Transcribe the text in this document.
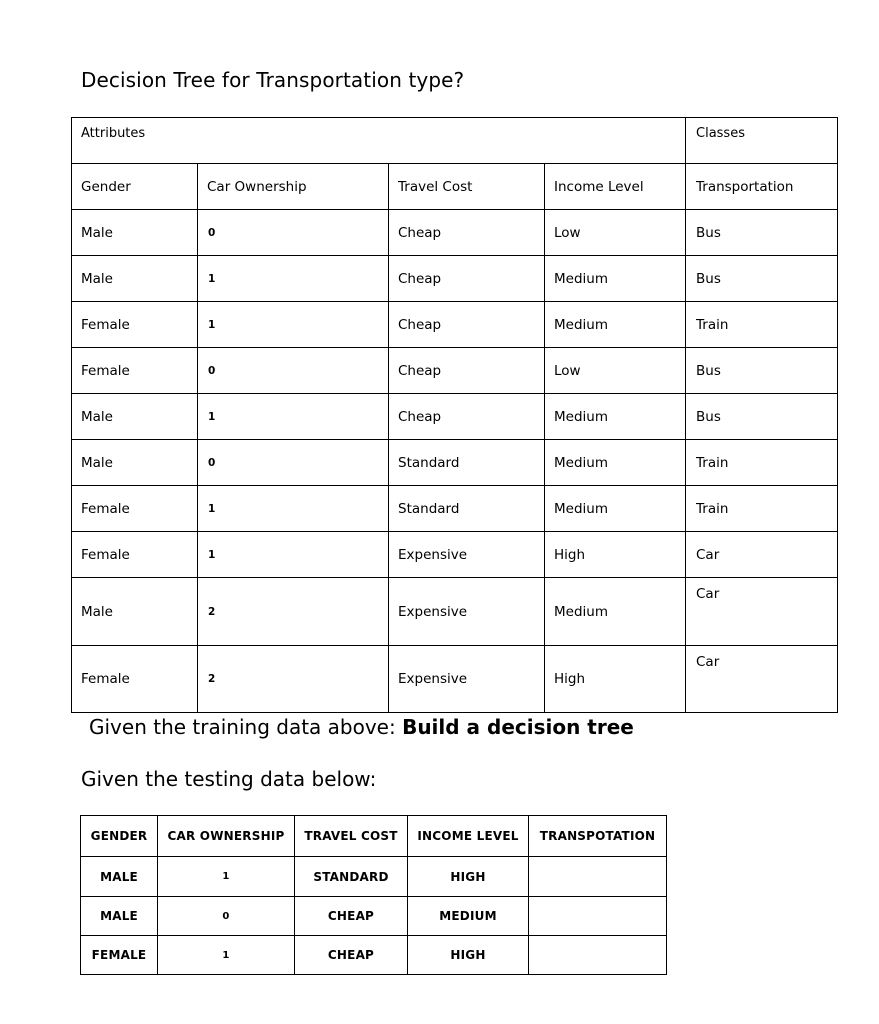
Decision Tree for Transportation type?
Attributes				Classes
Gender	Car Ownership	Travel Cost	Income Level	Transportation
Male	0	Cheap	Low	Bus
Male	1	Cheap	Medium	Bus
Female	1	Cheap	Medium	Train
Female	0	Cheap	Low	Bus
Male	1	Cheap	Medium	Bus
Male	0	Standard	Medium	Train
Female	1	Standard	Medium	Train
Female	1	Expensive	High	Car
Male	2	Expensive	Medium	Car
Female	2	Expensive	High	Car
Given the training data above: Build a decision tree
Given the testing data below:
GENDER	CAR OWNERSHIP	TRAVEL COST	INCOME LEVEL	TRANSPOTATION
MALE	1	STANDARD	HIGH	
MALE	0	CHEAP	MEDIUM	
FEMALE	1	CHEAP	HIGH	
